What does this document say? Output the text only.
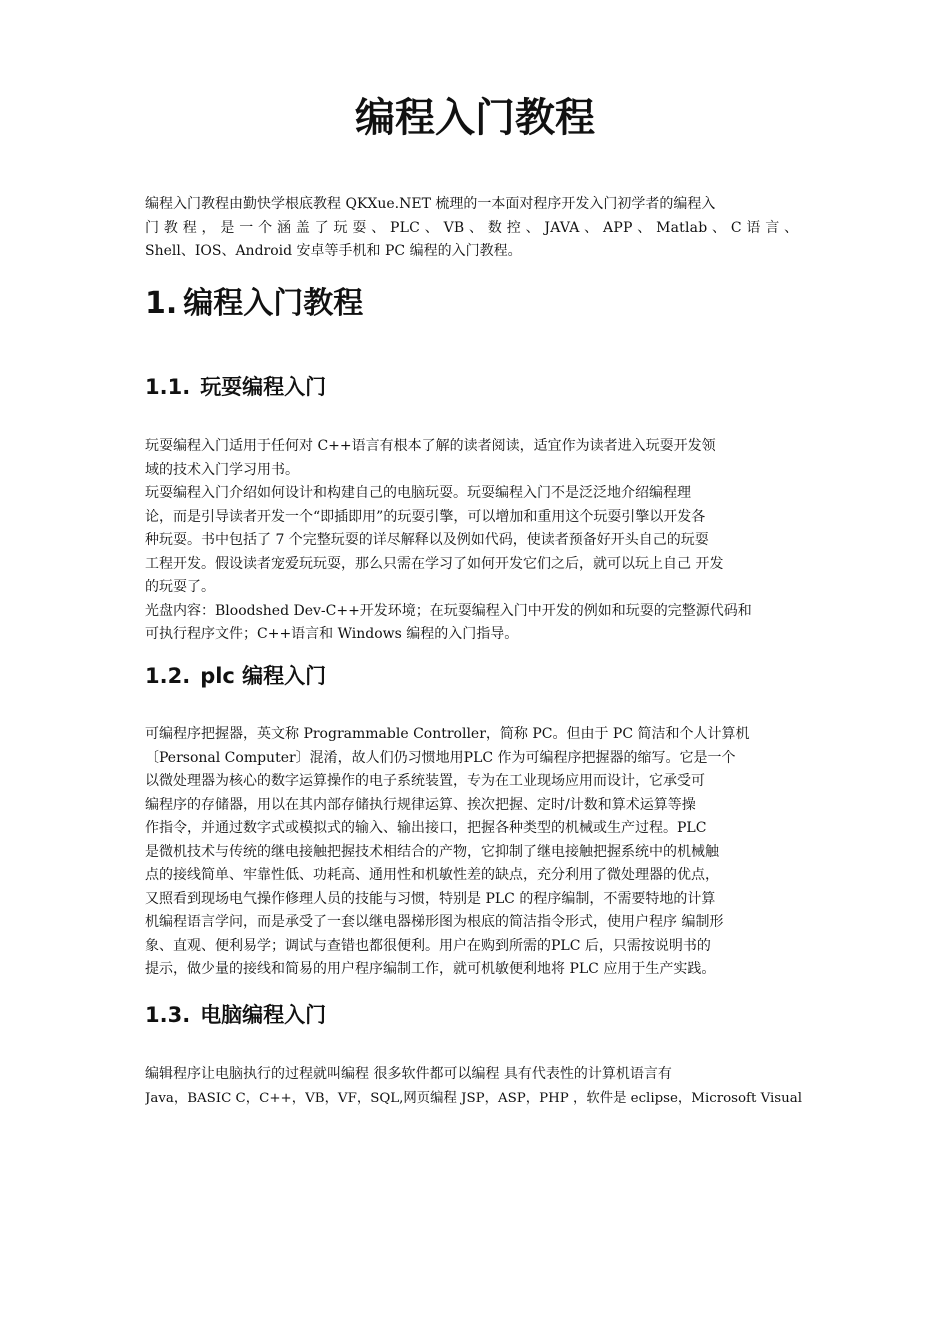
编程入门教程
编程入门教程由勤快学根底教程 QKXue.NET 梳理的一本面对程序开发入门初学者的编程入
门 教 程 ， 是 一 个 涵 盖 了 玩 耍 、 PLC 、 VB 、 数 控 、 JAVA 、 APP 、 Matlab 、 C 语 言 、
Shell、IOS、Android 安卓等手机和 PC 编程的入门教程。
1. 编程入门教程
1.1. 玩耍编程入门
玩耍编程入门适用于任何对 C++语言有根本了解的读者阅读，适宜作为读者进入玩耍开发领
域的技术入门学习用书。
玩耍编程入门介绍如何设计和构建自己的电脑玩耍。玩耍编程入门不是泛泛地介绍编程理
论，而是引导读者开发一个“即插即用”的玩耍引擎，可以增加和重用这个玩耍引擎以开发各
种玩耍。书中包括了 7 个完整玩耍的详尽解释以及例如代码，使读者预备好开头自己的玩耍
工程开发。假设读者宠爱玩玩耍，那么只需在学习了如何开发它们之后，就可以玩上自己 开发
的玩耍了。
光盘内容：Bloodshed Dev-C++开发环境；在玩耍编程入门中开发的例如和玩耍的完整源代码和
可执行程序文件；C++语言和 Windows 编程的入门指导。
1.2. plc 编程入门
可编程序把握器，英文称 Programmable Controller，简称 PC。但由于 PC 简洁和个人计算机
〔Personal Computer〕混淆，故人们仍习惯地用PLC 作为可编程序把握器的缩写。它是一个
以微处理器为核心的数字运算操作的电子系统装置，专为在工业现场应用而设计，它承受可
编程序的存储器，用以在其内部存储执行规律运算、挨次把握、定时/计数和算术运算等操
作指令，并通过数字式或模拟式的输入、输出接口，把握各种类型的机械或生产过程。PLC
是微机技术与传统的继电接触把握技术相结合的产物，它抑制了继电接触把握系统中的机械触
点的接线简单、牢靠性低、功耗高、通用性和机敏性差的缺点，充分利用了微处理器的优点，
又照看到现场电气操作修理人员的技能与习惯，特别是 PLC 的程序编制，不需要特地的计算
机编程语言学问，而是承受了一套以继电器梯形图为根底的简洁指令形式，使用户程序 编制形
象、直观、便利易学；调试与查错也都很便利。用户在购到所需的PLC 后，只需按说明书的
提示，做少量的接线和简易的用户程序编制工作，就可机敏便利地将 PLC 应用于生产实践。
1.3. 电脑编程入门
编辑程序让电脑执行的过程就叫编程 很多软件都可以编程 具有代表性的计算机语言有
Java，BASIC C，C++，VB，VF，SQL,网页编程 JSP，ASP，PHP ，软件是 eclipse，Microsoft Visual
